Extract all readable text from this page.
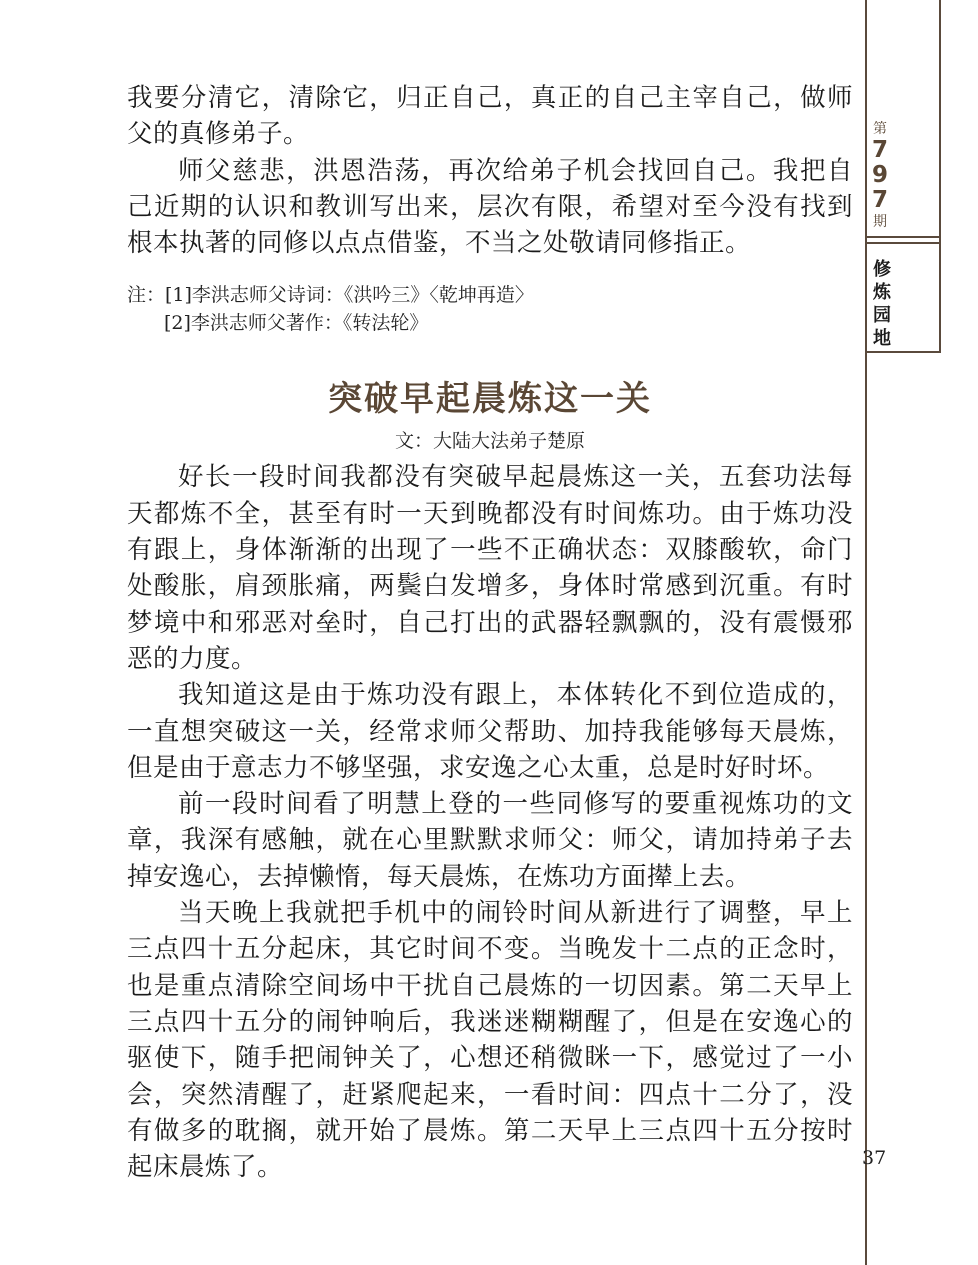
我要分清它，清除它，归正自己，真正的自己主宰自己，做师父的真修弟子。

师父慈悲，洪恩浩荡，再次给弟子机会找回自己。我把自己近期的认识和教训写出来，层次有限，希望对至今没有找到根本执著的同修以点点借鉴，不当之处敬请同修指正。

注：[1]李洪志师父诗词：《洪吟三》〈乾坤再造〉
[2]李洪志师父著作：《转法轮》
突破早起晨炼这一关
文：大陆大法弟子楚原

好长一段时间我都没有突破早起晨炼这一关，五套功法每天都炼不全，甚至有时一天到晚都没有时间炼功。由于炼功没有跟上，身体渐渐的出现了一些不正确状态：双膝酸软，命门处酸胀，肩颈胀痛，两鬓白发增多，身体时常感到沉重。有时梦境中和邪恶对垒时，自己打出的武器轻飘飘的，没有震慑邪恶的力度。

我知道这是由于炼功没有跟上，本体转化不到位造成的，一直想突破这一关，经常求师父帮助、加持我能够每天晨炼，但是由于意志力不够坚强，求安逸之心太重，总是时好时坏。

前一段时间看了明慧上登的一些同修写的要重视炼功的文章，我深有感触，就在心里默默求师父：师父，请加持弟子去掉安逸心，去掉懒惰，每天晨炼，在炼功方面撵上去。

当天晚上我就把手机中的闹铃时间从新进行了调整，早上三点四十五分起床，其它时间不变。当晚发十二点的正念时，也是重点清除空间场中干扰自己晨炼的一切因素。第二天早上三点四十五分的闹钟响后，我迷迷糊糊醒了，但是在安逸心的驱使下，随手把闹钟关了，心想还稍微眯一下，感觉过了一小会，突然清醒了，赶紧爬起来，一看时间：四点十二分了，没有做多的耽搁，就开始了晨炼。第二天早上三点四十五分按时起床晨炼了。

第
7
9
7
期
修
炼
园
地
37
